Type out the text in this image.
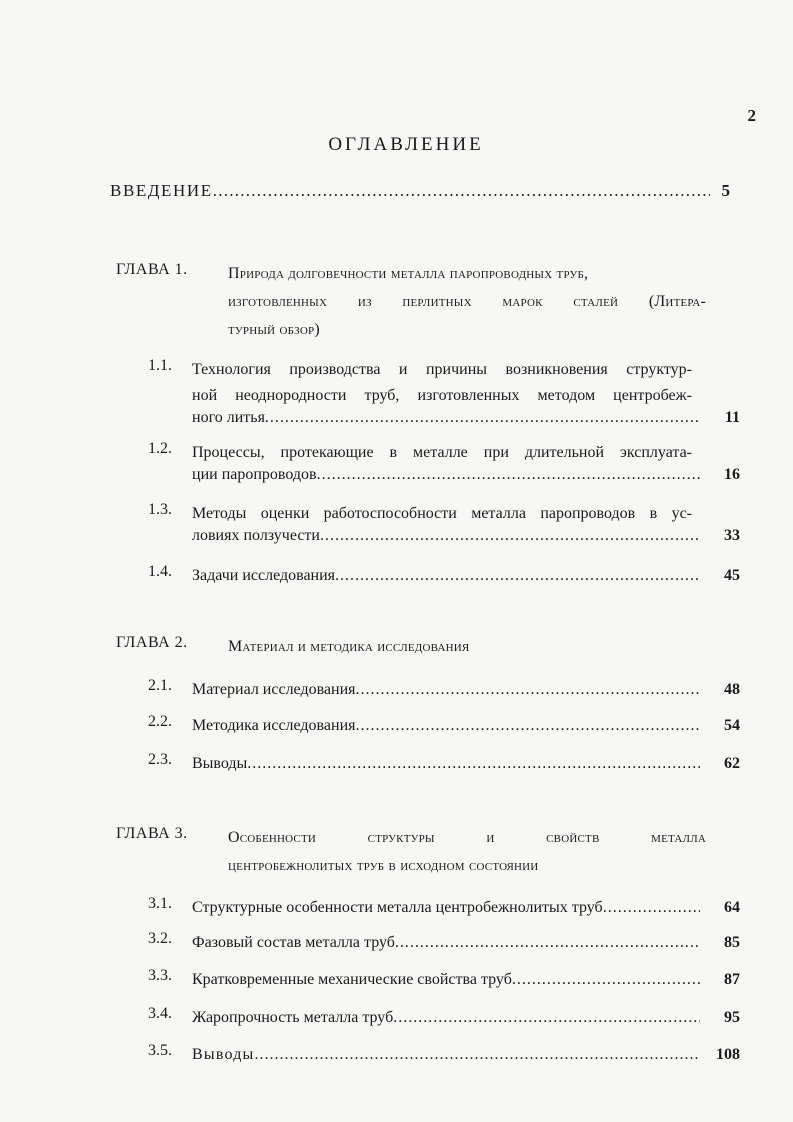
2
ОГЛАВЛЕНИЕ
ВВЕДЕНИЕ . . .	5
ГЛАВА 1.	Природа долговечности металла паропроводных труб,
изготовленных из перлитных марок сталей (Литера-
турный обзор)
1.1. Технология производства и причины возникновения структур-
ной неоднородности труб, изготовленных методом центробеж-
ного литья . . .	11
1.2. Процессы, протекающие в металле при длительной эксплуата-
ции паропроводов . . .	16
1.3. Методы оценки работоспособности металла паропроводов в ус-
ловиях ползучести . . .	33
1.4. Задачи исследования . . .	45
ГЛАВА 2.	Материал и методика исследования
2.1. Материал исследования . . .	48
2.2. Методика исследования . . .	54
2.3. Выводы . . .	62
ГЛАВА 3.	Особенности структуры и свойств металла
центробежнолитых труб в исходном состоянии
3.1. Структурные особенности металла центробежнолитых труб . . .	64
3.2. Фазовый состав металла труб . . .	85
3.3. Кратковременные механические свойства труб . . .	87
3.4. Жаропрочность металла труб . . .	95
3.5. Выводы . . .	108
